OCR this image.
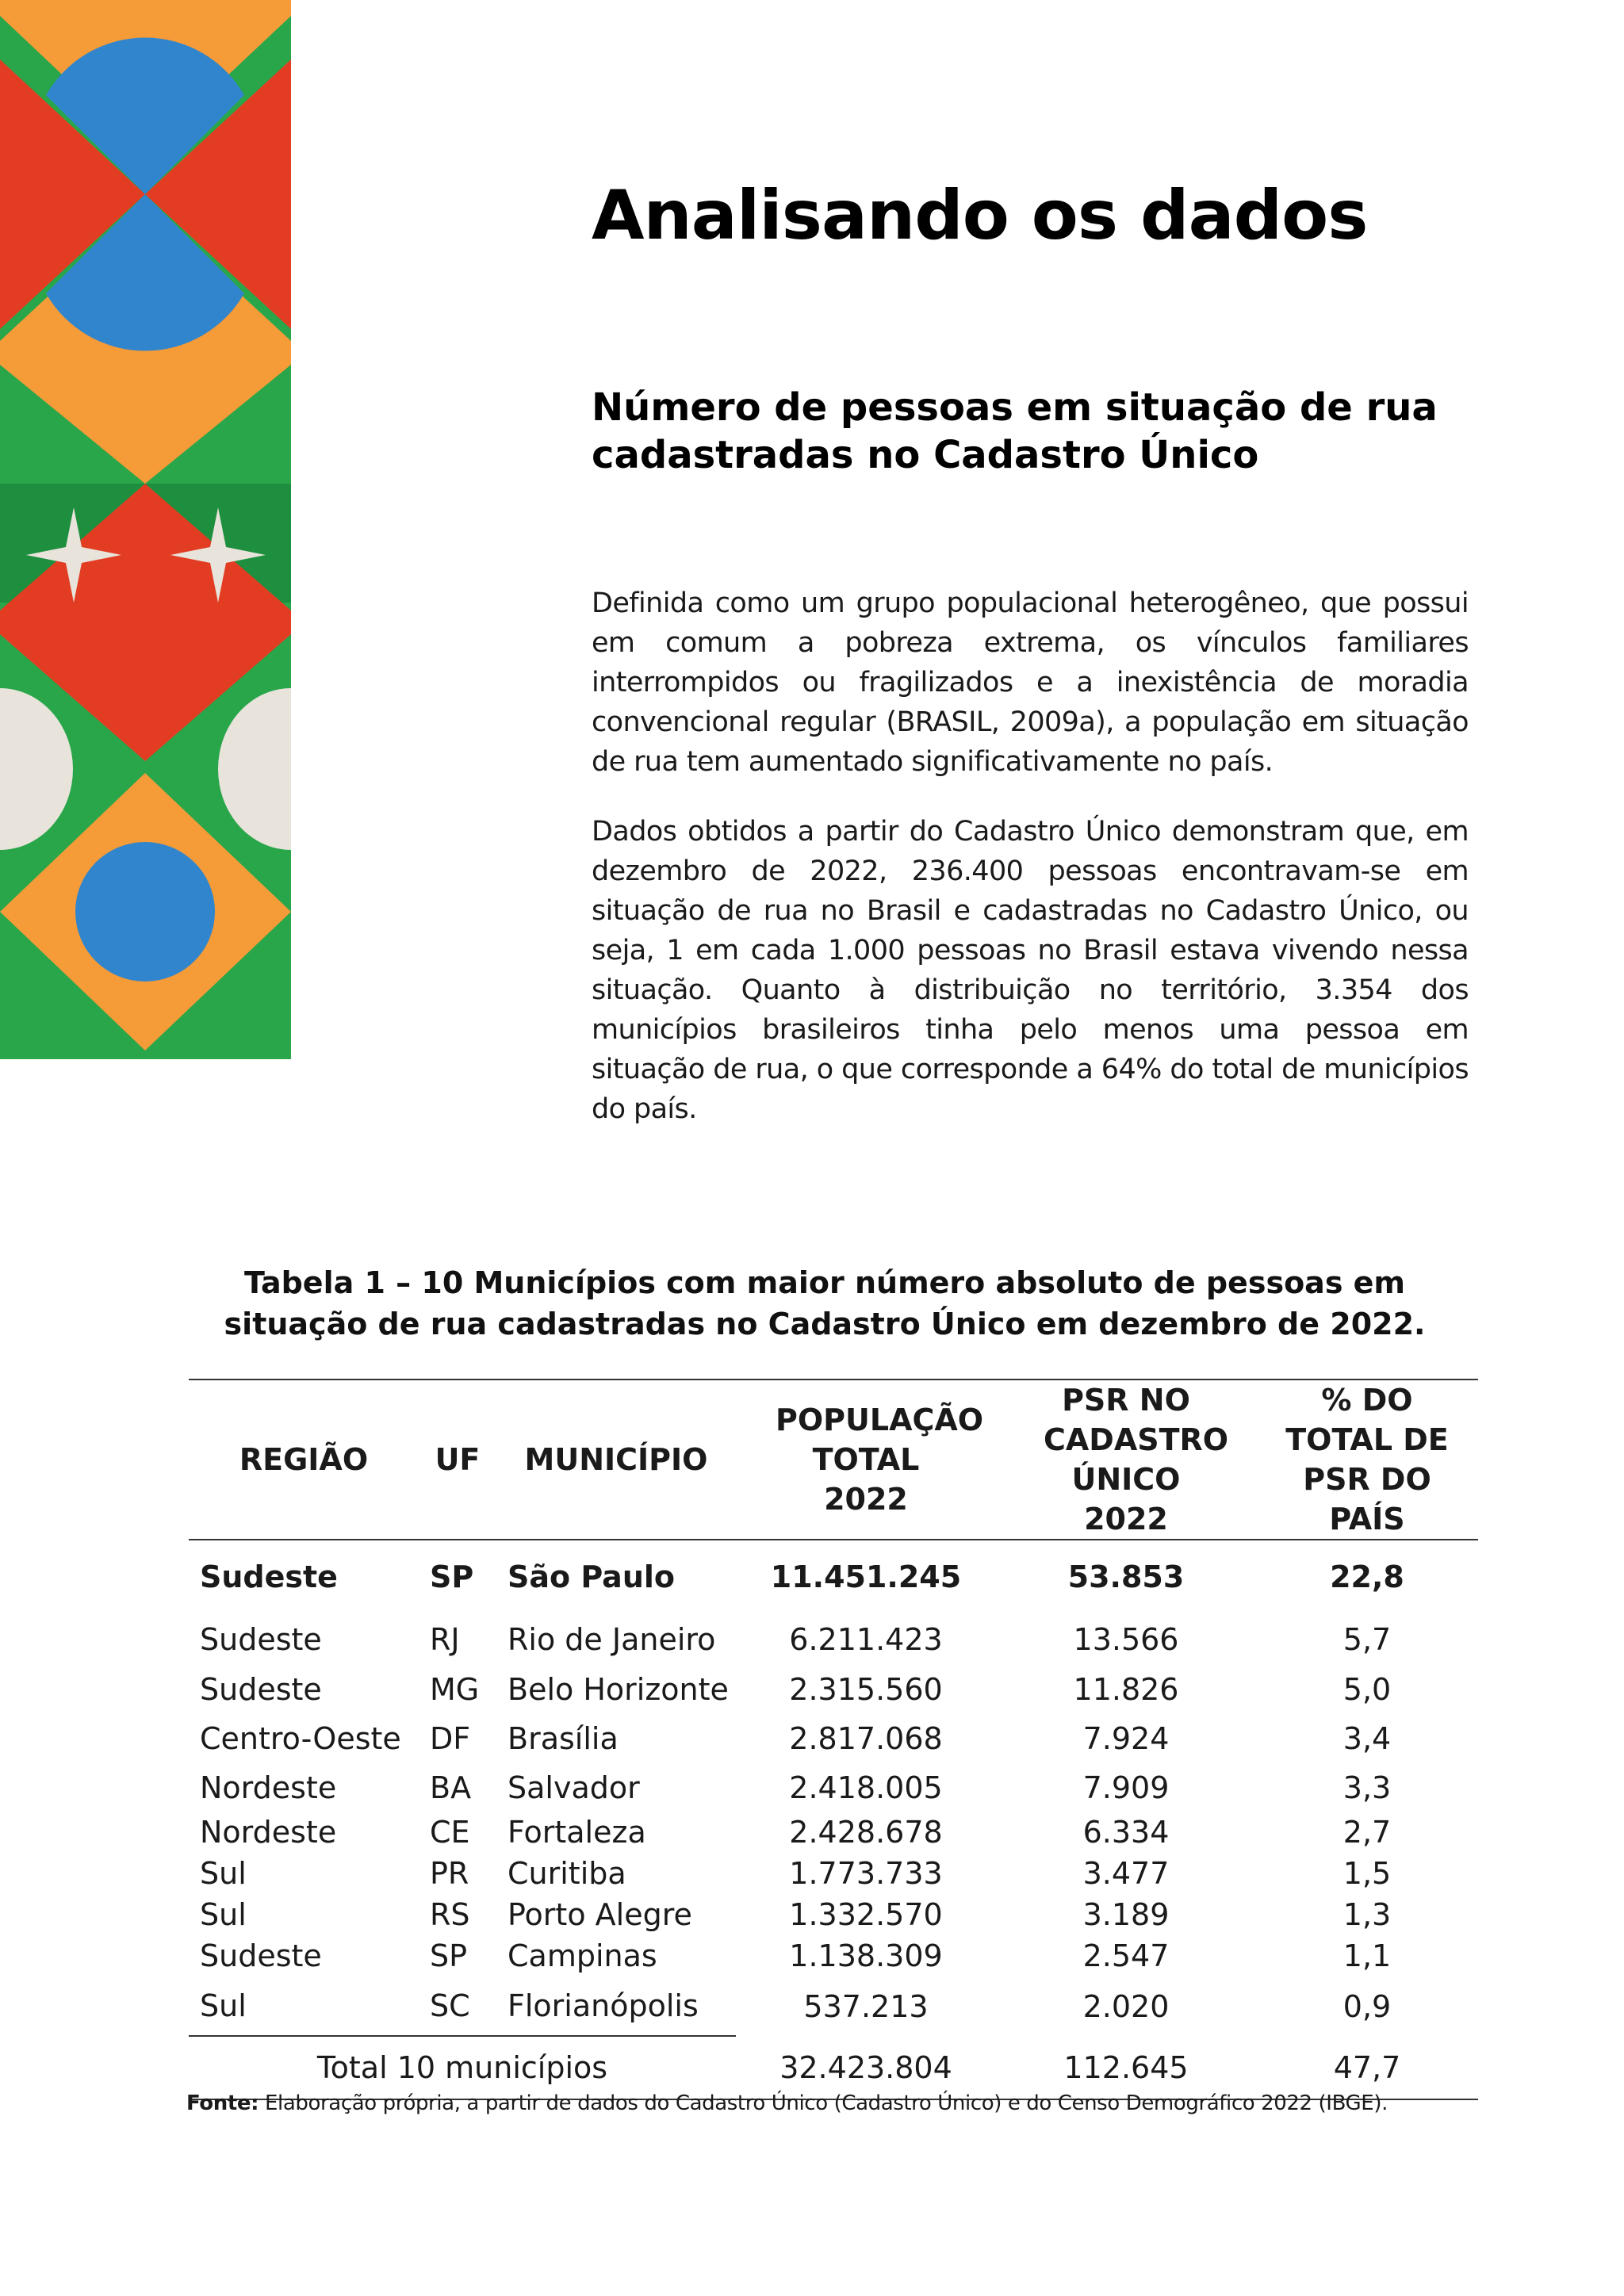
Analisando os dados
Número de pessoas em situação de rua cadastradas no Cadastro Único

Definida como um grupo populacional heterogêneo, que possui em comum a pobreza extrema, os vínculos familiares interrompidos ou fragilizados e a inexistência de moradia convencional regular (BRASIL, 2009a), a população em situação de rua tem aumentado significativamente no país.

Dados obtidos a partir do Cadastro Único demonstram que, em dezembro de 2022, 236.400 pessoas encontravam-se em situação de rua no Brasil e cadastradas no Cadastro Único, ou seja, 1 em cada 1.000 pessoas no Brasil estava vivendo nessa situação. Quanto à distribuição no território, 3.354 dos municípios brasileiros tinha pelo menos uma pessoa em situação de rua, o que corresponde a 64% do total de municípios do país.

Tabela 1 – 10 Municípios com maior número absoluto de pessoas em situação de rua cadastradas no Cadastro Único em dezembro de 2022.

REGIÃO	UF	MUNICÍPIO	POPULAÇÃO TOTAL 2022	PSR NO CADASTRO ÚNICO 2022	% DO TOTAL DE PSR DO PAÍS
Sudeste	SP	São Paulo	11.451.245	53.853	22,8
Sudeste	RJ	Rio de Janeiro	6.211.423	13.566	5,7
Sudeste	MG	Belo Horizonte	2.315.560	11.826	5,0
Centro-Oeste	DF	Brasília	2.817.068	7.924	3,4
Nordeste	BA	Salvador	2.418.005	7.909	3,3
Nordeste	CE	Fortaleza	2.428.678	6.334	2,7
Sul	PR	Curitiba	1.773.733	3.477	1,5
Sul	RS	Porto Alegre	1.332.570	3.189	1,3
Sudeste	SP	Campinas	1.138.309	2.547	1,1
Sul	SC	Florianópolis	537.213	2.020	0,9
Total 10 municípios			32.423.804	112.645	47,7

Fonte: Elaboração própria, a partir de dados do Cadastro Único (Cadastro Único) e do Censo Demográfico 2022 (IBGE).
